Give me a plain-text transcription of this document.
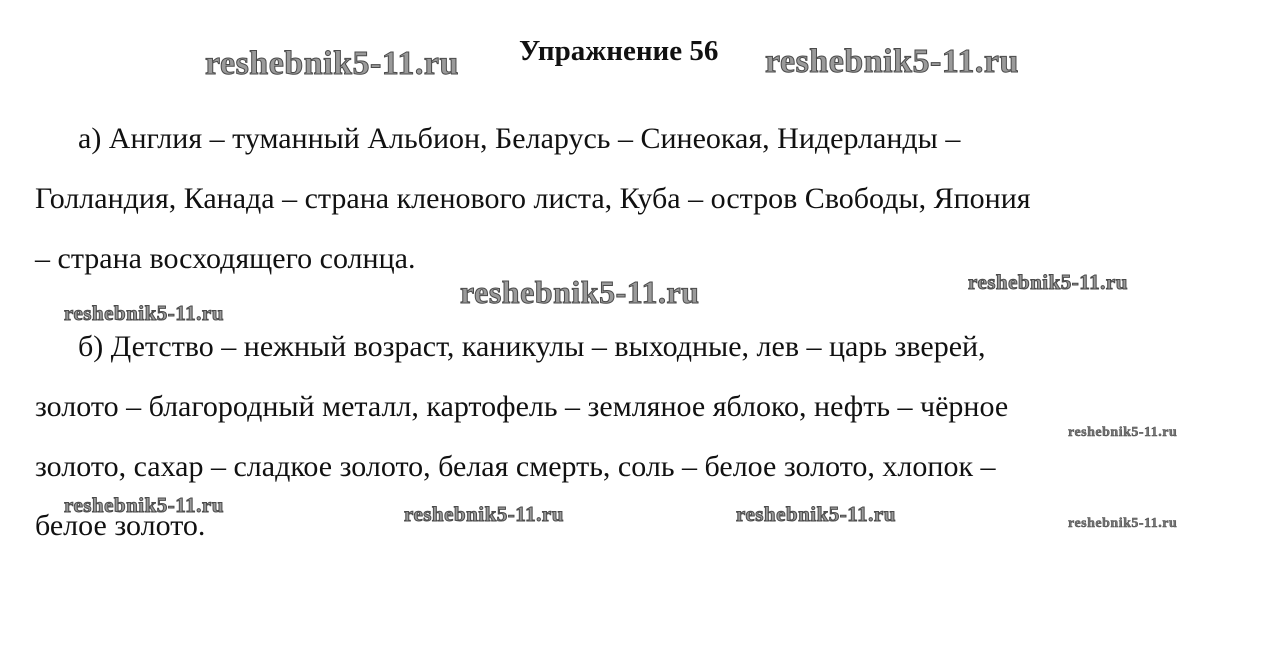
Упражнение 56
а) Англия – туманный Альбион, Беларусь – Синеокая, Нидерланды –
Голландия, Канада – страна кленового листа, Куба – остров Свободы, Япония
– страна восходящего солнца.
б) Детство – нежный возраст, каникулы – выходные, лев – царь зверей,
золото – благородный металл, картофель – земляное яблоко, нефть – чёрное
золото, сахар – сладкое золото, белая смерть, соль – белое золото, хлопок –
белое золото.
reshebnik5-11.ru	reshebnik5-11.ru
reshebnik5-11.ru	reshebnik5-11.ru
reshebnik5-11.ru
reshebnik5-11.ru
reshebnik5-11.ru	reshebnik5-11.ru	reshebnik5-11.ru	reshebnik5-11.ru
